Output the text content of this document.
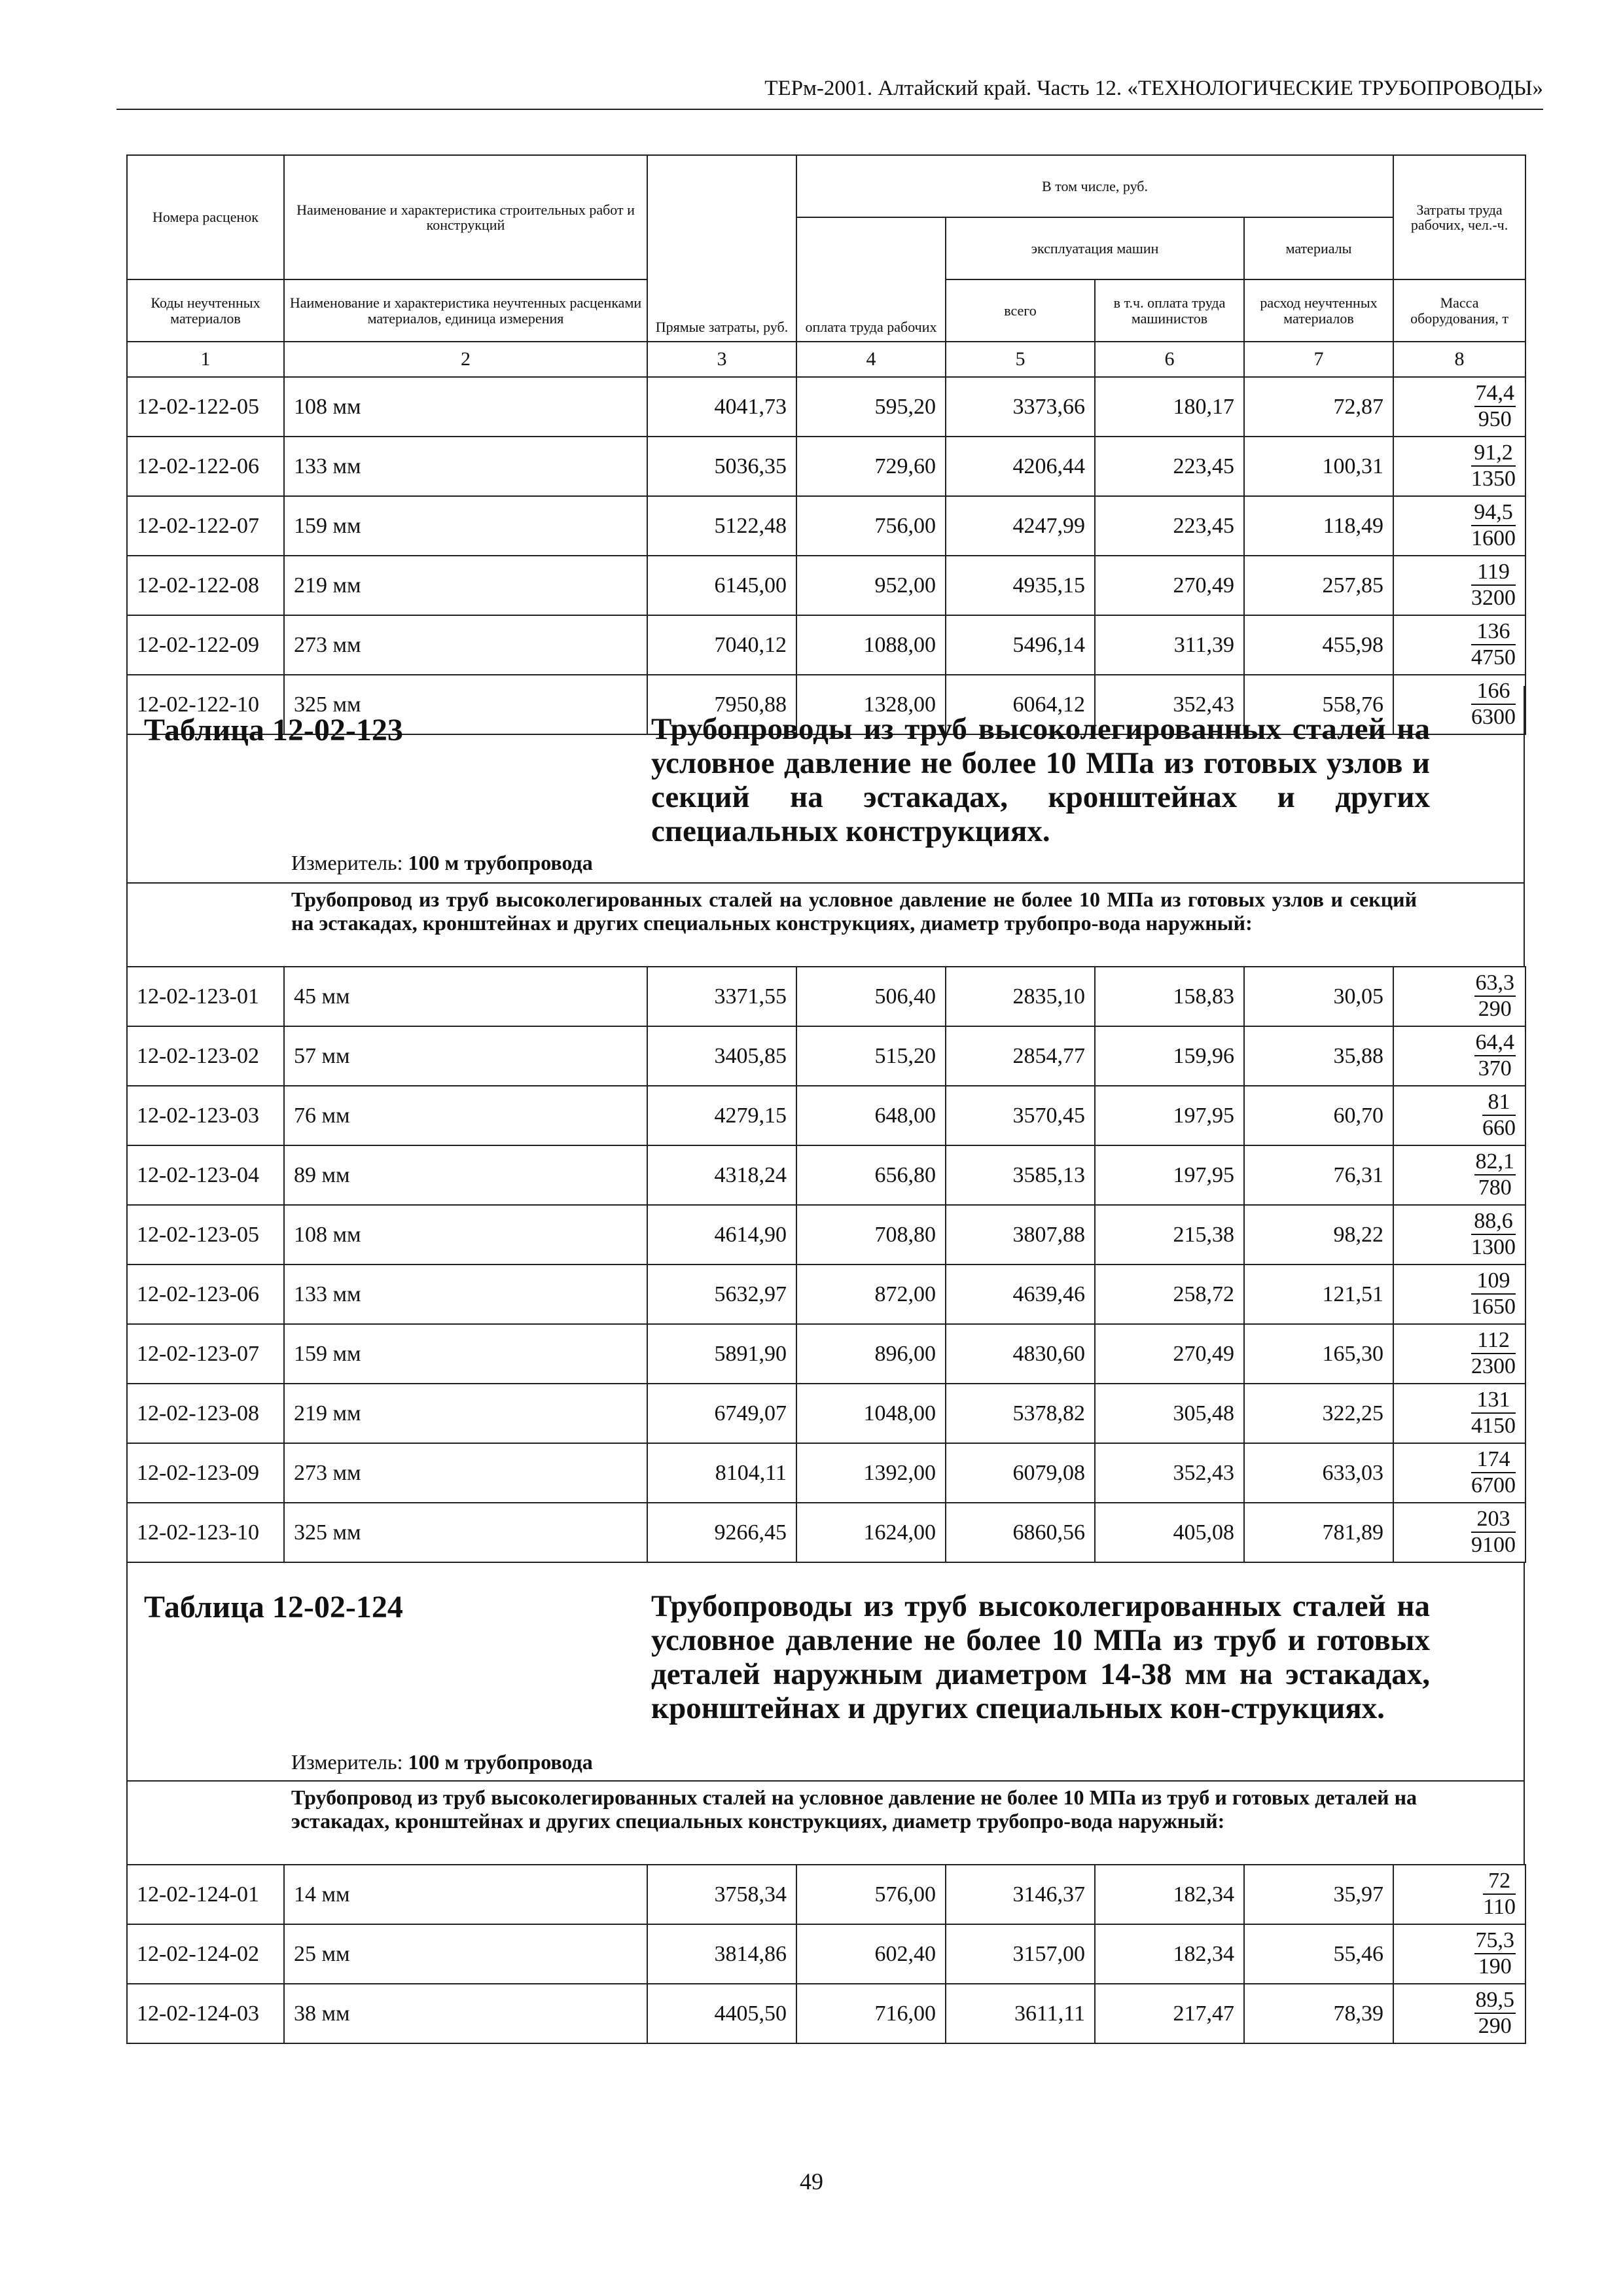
ТЕРм-2001. Алтайский край. Часть 12. «ТЕХНОЛОГИЧЕСКИЕ ТРУБОПРОВОДЫ»
Номера расценок	Наименование и характеристика строительных работ и конструкций	Прямые затраты, руб.	В том числе, руб.				Затраты труда рабочих, чел.-ч.
			оплата труда рабочих	эксплуатация машин		материалы	
Коды неучтенных материалов	Наименование и характеристика неучтенных расценками материалов, единица измерения			всего	в т.ч. оплата труда машинистов	расход неучтенных материалов	Масса оборудования, т
1	2	3	4	5	6	7	8
12-02-122-05	108 мм	4041,73	595,20	3373,66	180,17	72,87	$\frac{74,4}{950}$

12-02-122-06	133 мм	5036,35	729,60	4206,44	223,45	100,31	$\frac{91,2}{1350}$

12-02-122-07	159 мм	5122,48	756,00	4247,99	223,45	118,49	$\frac{94,5}{1600}$

12-02-122-08	219 мм	6145,00	952,00	4935,15	270,49	257,85	$\frac{119}{3200}$

12-02-122-09	273 мм	7040,12	1088,00	5496,14	311,39	455,98	$\frac{136}{4750}$

12-02-122-10	325 мм	7950,88	1328,00	6064,12	352,43	558,76	$\frac{166}{6300}$
Таблица 12-02-123	Трубопроводы из труб высоколегированных сталей на условное давление не более 10 МПа из готовых узлов и секций на эстакадах, кронштейнах и других специальных конструкциях.
Измеритель: 100 м трубопровода
Трубопровод из труб высоколегированных сталей на условное давление не более 10 МПа из готовых узлов и секций на эстакадах, кронштейнах и других специальных конструкциях, диаметр трубопро-вода наружный:
12-02-123-01	45 мм	3371,55	506,40	2835,10	158,83	30,05	$\frac{63,3}{290}$

12-02-123-02	57 мм	3405,85	515,20	2854,77	159,96	35,88	$\frac{64,4}{370}$

12-02-123-03	76 мм	4279,15	648,00	3570,45	197,95	60,70	$\frac{81}{660}$

12-02-123-04	89 мм	4318,24	656,80	3585,13	197,95	76,31	$\frac{82,1}{780}$

12-02-123-05	108 мм	4614,90	708,80	3807,88	215,38	98,22	$\frac{88,6}{1300}$

12-02-123-06	133 мм	5632,97	872,00	4639,46	258,72	121,51	$\frac{109}{1650}$

12-02-123-07	159 мм	5891,90	896,00	4830,60	270,49	165,30	$\frac{112}{2300}$

12-02-123-08	219 мм	6749,07	1048,00	5378,82	305,48	322,25	$\frac{131}{4150}$

12-02-123-09	273 мм	8104,11	1392,00	6079,08	352,43	633,03	$\frac{174}{6700}$

12-02-123-10	325 мм	9266,45	1624,00	6860,56	405,08	781,89	$\frac{203}{9100}$
Таблица 12-02-124	Трубопроводы из труб высоколегированных сталей на условное давление не более 10 МПа из труб и готовых деталей наружным диаметром 14-38 мм на эстакадах, кронштейнах и других специальных кон-струкциях.
Измеритель: 100 м трубопровода
Трубопровод из труб высоколегированных сталей на условное давление не более 10 МПа из труб и готовых деталей на эстакадах, кронштейнах и других специальных конструкциях, диаметр трубопро-вода наружный:
12-02-124-01	14 мм	3758,34	576,00	3146,37	182,34	35,97	$\frac{72}{110}$

12-02-124-02	25 мм	3814,86	602,40	3157,00	182,34	55,46	$\frac{75,3}{190}$

12-02-124-03	38 мм	4405,50	716,00	3611,11	217,47	78,39	$\frac{89,5}{290}$
49
